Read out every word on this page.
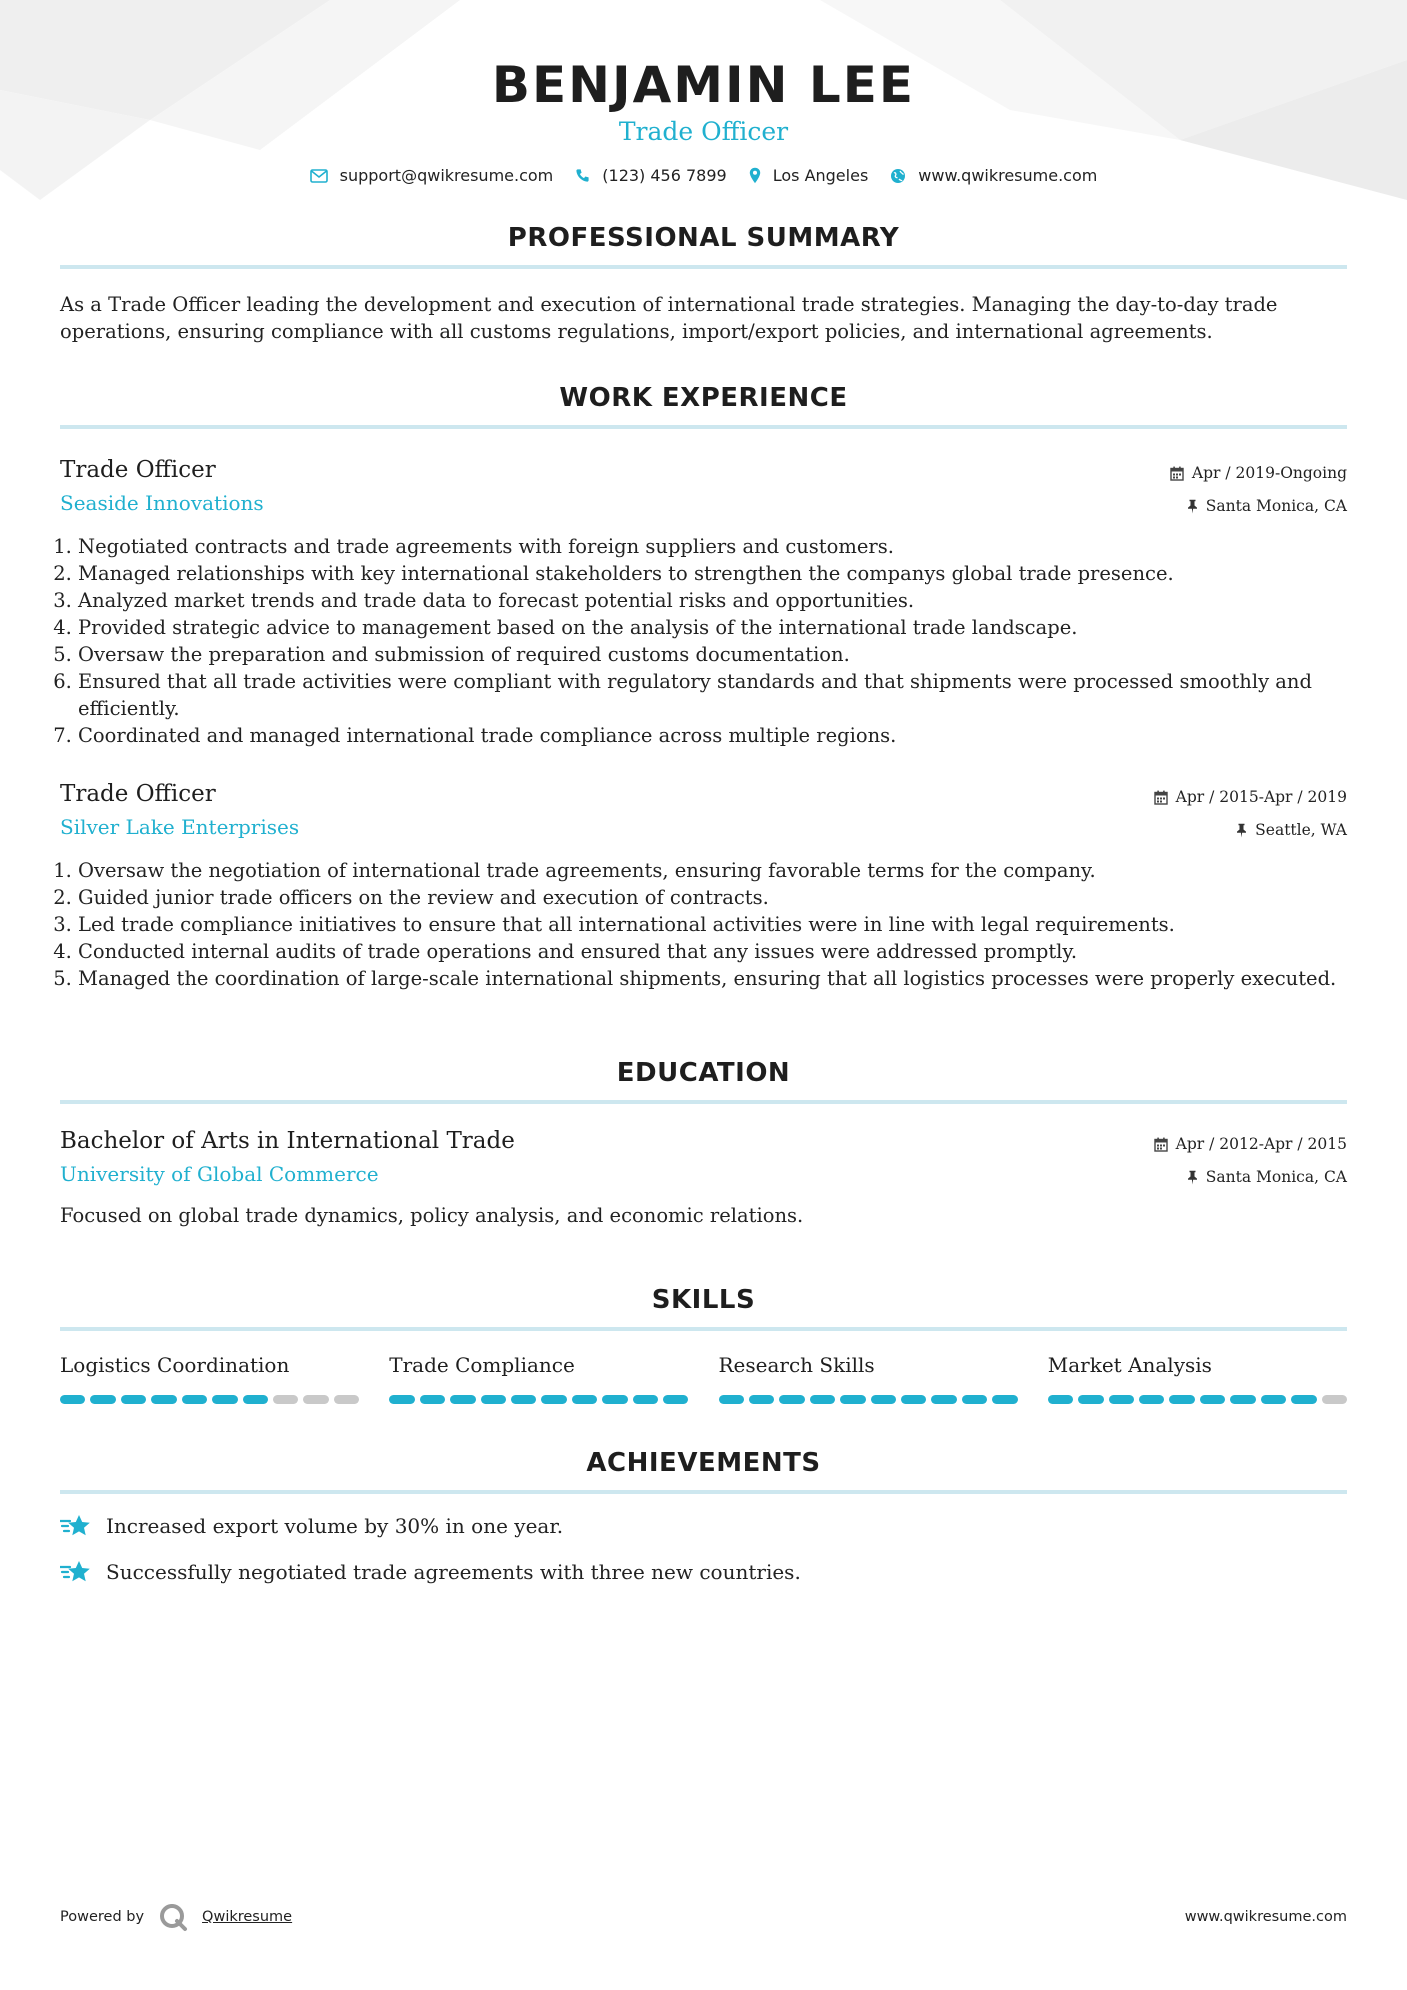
BENJAMIN LEE
Trade Officer
support@qwikresume.com	(123) 456 7899	Los Angeles	www.qwikresume.com
PROFESSIONAL SUMMARY
As a Trade Officer leading the development and execution of international trade strategies. Managing the day-to-day trade operations, ensuring compliance with all customs regulations, import/export policies, and international agreements.
WORK EXPERIENCE
Trade Officer
Seaside Innovations
Apr / 2019-Ongoing
Santa Monica, CA
1. Negotiated contracts and trade agreements with foreign suppliers and customers.
2. Managed relationships with key international stakeholders to strengthen the companys global trade presence.
3. Analyzed market trends and trade data to forecast potential risks and opportunities.
4. Provided strategic advice to management based on the analysis of the international trade landscape.
5. Oversaw the preparation and submission of required customs documentation.
6. Ensured that all trade activities were compliant with regulatory standards and that shipments were processed smoothly and efficiently.
7. Coordinated and managed international trade compliance across multiple regions.
Trade Officer
Silver Lake Enterprises
Apr / 2015-Apr / 2019
Seattle, WA
1. Oversaw the negotiation of international trade agreements, ensuring favorable terms for the company.
2. Guided junior trade officers on the review and execution of contracts.
3. Led trade compliance initiatives to ensure that all international activities were in line with legal requirements.
4. Conducted internal audits of trade operations and ensured that any issues were addressed promptly.
5. Managed the coordination of large-scale international shipments, ensuring that all logistics processes were properly executed.
EDUCATION
Bachelor of Arts in International Trade
University of Global Commerce
Apr / 2012-Apr / 2015
Santa Monica, CA
Focused on global trade dynamics, policy analysis, and economic relations.
SKILLS
Logistics Coordination	Trade Compliance	Research Skills	Market Analysis
ACHIEVEMENTS
Increased export volume by 30% in one year.
Successfully negotiated trade agreements with three new countries.
Powered by	Qwikresume	www.qwikresume.com
